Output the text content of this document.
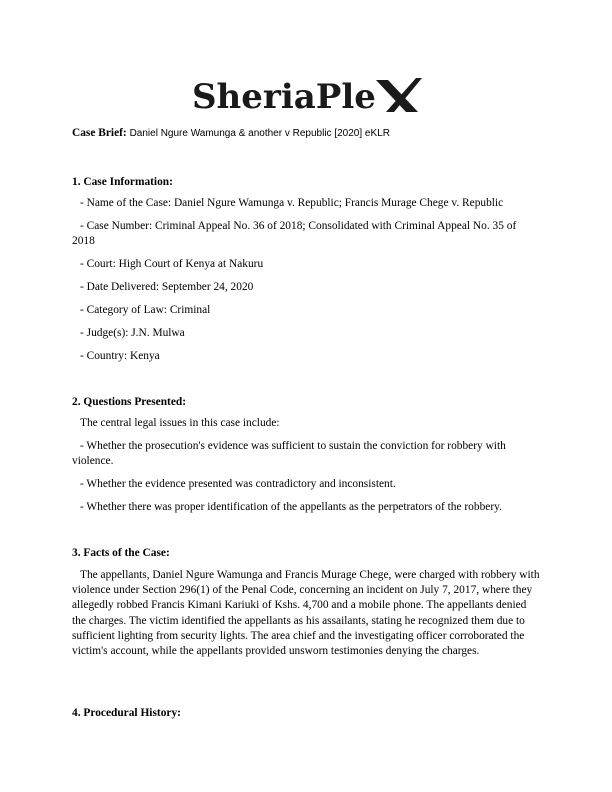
SheriaPle
Case Brief: Daniel Ngure Wamunga & another v Republic [2020] eKLR
1. Case Information:
- Name of the Case: Daniel Ngure Wamunga v. Republic; Francis Murage Chege v. Republic
- Case Number: Criminal Appeal No. 36 of 2018; Consolidated with Criminal Appeal No. 35 of 2018
- Court: High Court of Kenya at Nakuru
- Date Delivered: September 24, 2020
- Category of Law: Criminal
- Judge(s): J.N. Mulwa
- Country: Kenya
2. Questions Presented:
The central legal issues in this case include:
- Whether the prosecution's evidence was sufficient to sustain the conviction for robbery with violence.
- Whether the evidence presented was contradictory and inconsistent.
- Whether there was proper identification of the appellants as the perpetrators of the robbery.
3. Facts of the Case:
The appellants, Daniel Ngure Wamunga and Francis Murage Chege, were charged with robbery with violence under Section 296(1) of the Penal Code, concerning an incident on July 7, 2017, where they allegedly robbed Francis Kimani Kariuki of Kshs. 4,700 and a mobile phone. The appellants denied the charges. The victim identified the appellants as his assailants, stating he recognized them due to sufficient lighting from security lights. The area chief and the investigating officer corroborated the victim's account, while the appellants provided unsworn testimonies denying the charges.
4. Procedural History:
